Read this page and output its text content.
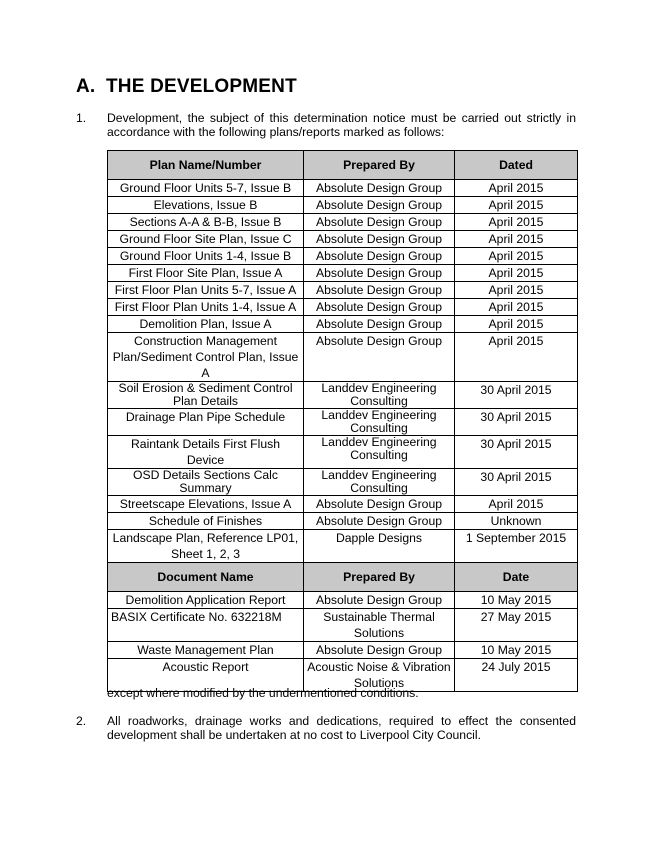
A. THE DEVELOPMENT
1. Development, the subject of this determination notice must be carried out strictly in accordance with the following plans/reports marked as follows:
Plan Name/Number	Prepared By	Dated
Ground Floor Units 5-7, Issue B	Absolute Design Group	April 2015
Elevations, Issue B	Absolute Design Group	April 2015
Sections A-A & B-B, Issue B	Absolute Design Group	April 2015
Ground Floor Site Plan, Issue C	Absolute Design Group	April 2015
Ground Floor Units 1-4, Issue B	Absolute Design Group	April 2015
First Floor Site Plan, Issue A	Absolute Design Group	April 2015
First Floor Plan Units 5-7, Issue A	Absolute Design Group	April 2015
First Floor Plan Units 1-4, Issue A	Absolute Design Group	April 2015
Demolition Plan, Issue A	Absolute Design Group	April 2015
Construction Management Plan/Sediment Control Plan, Issue A	Absolute Design Group	April 2015

Soil Erosion & Sediment Control Plan Details	Landdev Engineering Consulting	30 April 2015
Drainage Plan Pipe Schedule	Landdev Engineering Consulting	30 April 2015
Raintank Details First Flush Device	Landdev Engineering Consulting	30 April 2015

OSD Details Sections Calc Summary	Landdev Engineering Consulting	30 April 2015
Streetscape Elevations, Issue A	Absolute Design Group	April 2015
Schedule of Finishes	Absolute Design Group	Unknown
Landscape Plan, Reference LP01, Sheet 1, 2, 3	Dapple Designs	1 September 2015
Document Name	Prepared By	Date
Demolition Application Report	Absolute Design Group	10 May 2015
BASIX Certificate No. 632218M	Sustainable Thermal Solutions	27 May 2015
Waste Management Plan	Absolute Design Group	10 May 2015
Acoustic Report	Acoustic Noise & Vibration Solutions	24 July 2015
except where modified by the undermentioned conditions.
2. All roadworks, drainage works and dedications, required to effect the consented development shall be undertaken at no cost to Liverpool City Council.
